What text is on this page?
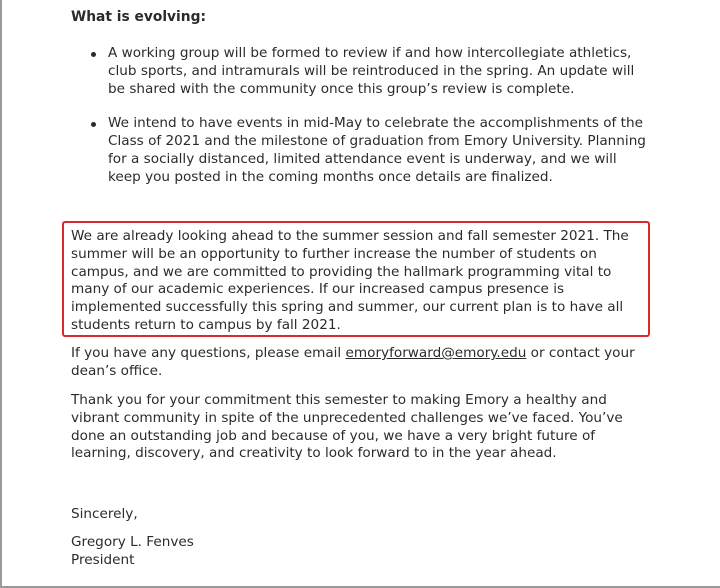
What is evolving:
A working group will be formed to review if and how intercollegiate athletics, club sports, and intramurals will be reintroduced in the spring. An update will be shared with the community once this group’s review is complete.
We intend to have events in mid-May to celebrate the accomplishments of the Class of 2021 and the milestone of graduation from Emory University. Planning for a socially distanced, limited attendance event is underway, and we will keep you posted in the coming months once details are finalized.
We are already looking ahead to the summer session and fall semester 2021. The summer will be an opportunity to further increase the number of students on campus, and we are committed to providing the hallmark programming vital to many of our academic experiences. If our increased campus presence is implemented successfully this spring and summer, our current plan is to have all students return to campus by fall 2021.
If you have any questions, please email emoryforward@emory.edu or contact your dean’s office.
Thank you for your commitment this semester to making Emory a healthy and vibrant community in spite of the unprecedented challenges we’ve faced. You’ve done an outstanding job and because of you, we have a very bright future of learning, discovery, and creativity to look forward to in the year ahead.
Sincerely,
Gregory L. Fenves
President
